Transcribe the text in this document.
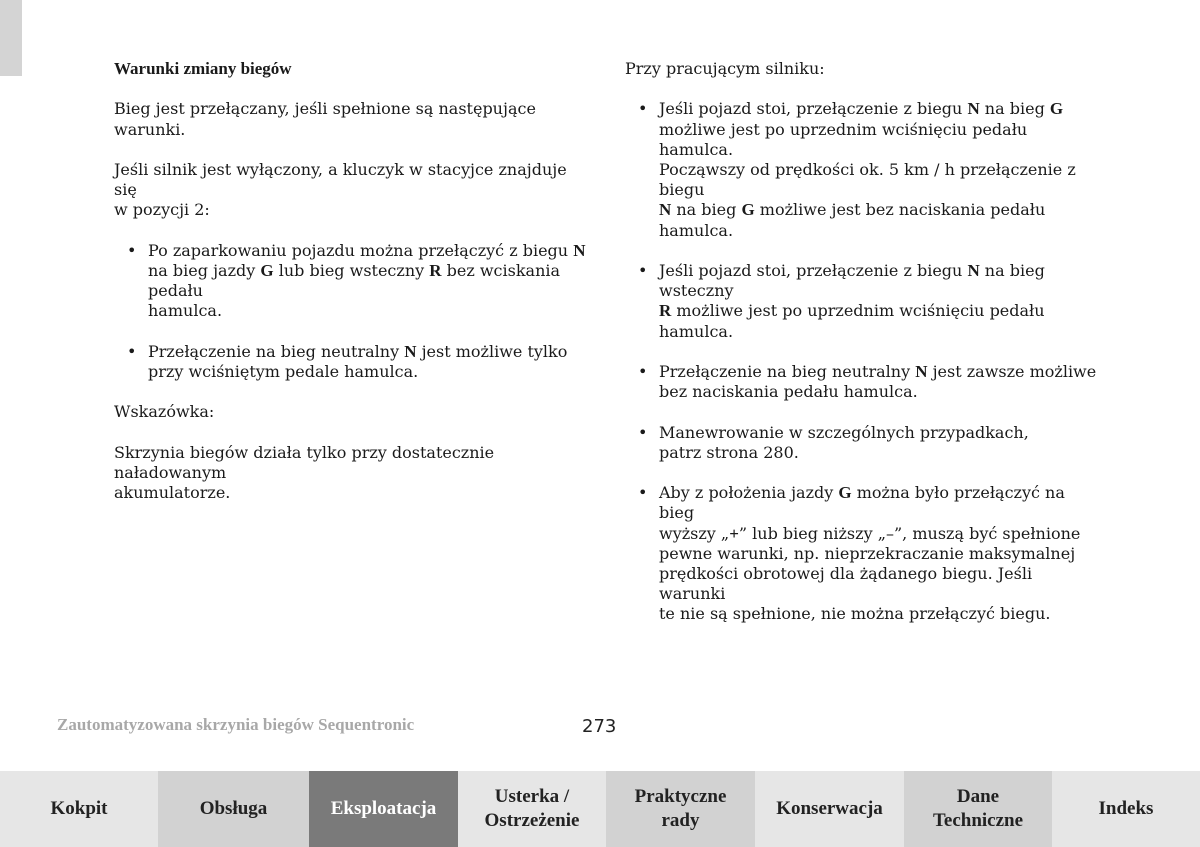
Warunki zmiany biegów

Bieg jest przełączany, jeśli spełnione są następujące warunki.

Jeśli silnik jest wyłączony, a kluczyk w stacyjce znajduje się
w pozycji 2:

• Po zaparkowaniu pojazdu można przełączyć z biegu N
na bieg jazdy G lub bieg wsteczny R bez wciskania pedału
hamulca.
• Przełączenie na bieg neutralny N jest możliwe tylko
przy wciśniętym pedale hamulca.

Wskazówka:

Skrzynia biegów działa tylko przy dostatecznie naładowanym
akumulatorze.

Przy pracującym silniku:

• Jeśli pojazd stoi, przełączenie z biegu N na bieg G
możliwe jest po uprzednim wciśnięciu pedału hamulca.
Począwszy od prędkości ok. 5 km / h przełączenie z biegu
N na bieg G możliwe jest bez naciskania pedału hamulca.
• Jeśli pojazd stoi, przełączenie z biegu N na bieg wsteczny
R możliwe jest po uprzednim wciśnięciu pedału hamulca.
• Przełączenie na bieg neutralny N jest zawsze możliwe
bez naciskania pedału hamulca.
• Manewrowanie w szczególnych przypadkach,
patrz strona 280.
• Aby z położenia jazdy G można było przełączyć na bieg
wyższy „+” lub bieg niższy „–”, muszą być spełnione
pewne warunki, np. nieprzekraczanie maksymalnej
prędkości obrotowej dla żądanego biegu. Jeśli warunki
te nie są spełnione, nie można przełączyć biegu.
Zautomatyzowana skrzynia biegów Sequentronic	273
Kokpit	Obsługa	Eksploatacja
Usterka /
Ostrzeżenie
Praktyczne
rady
Konserwacja
Dane
Techniczne
Indeks
